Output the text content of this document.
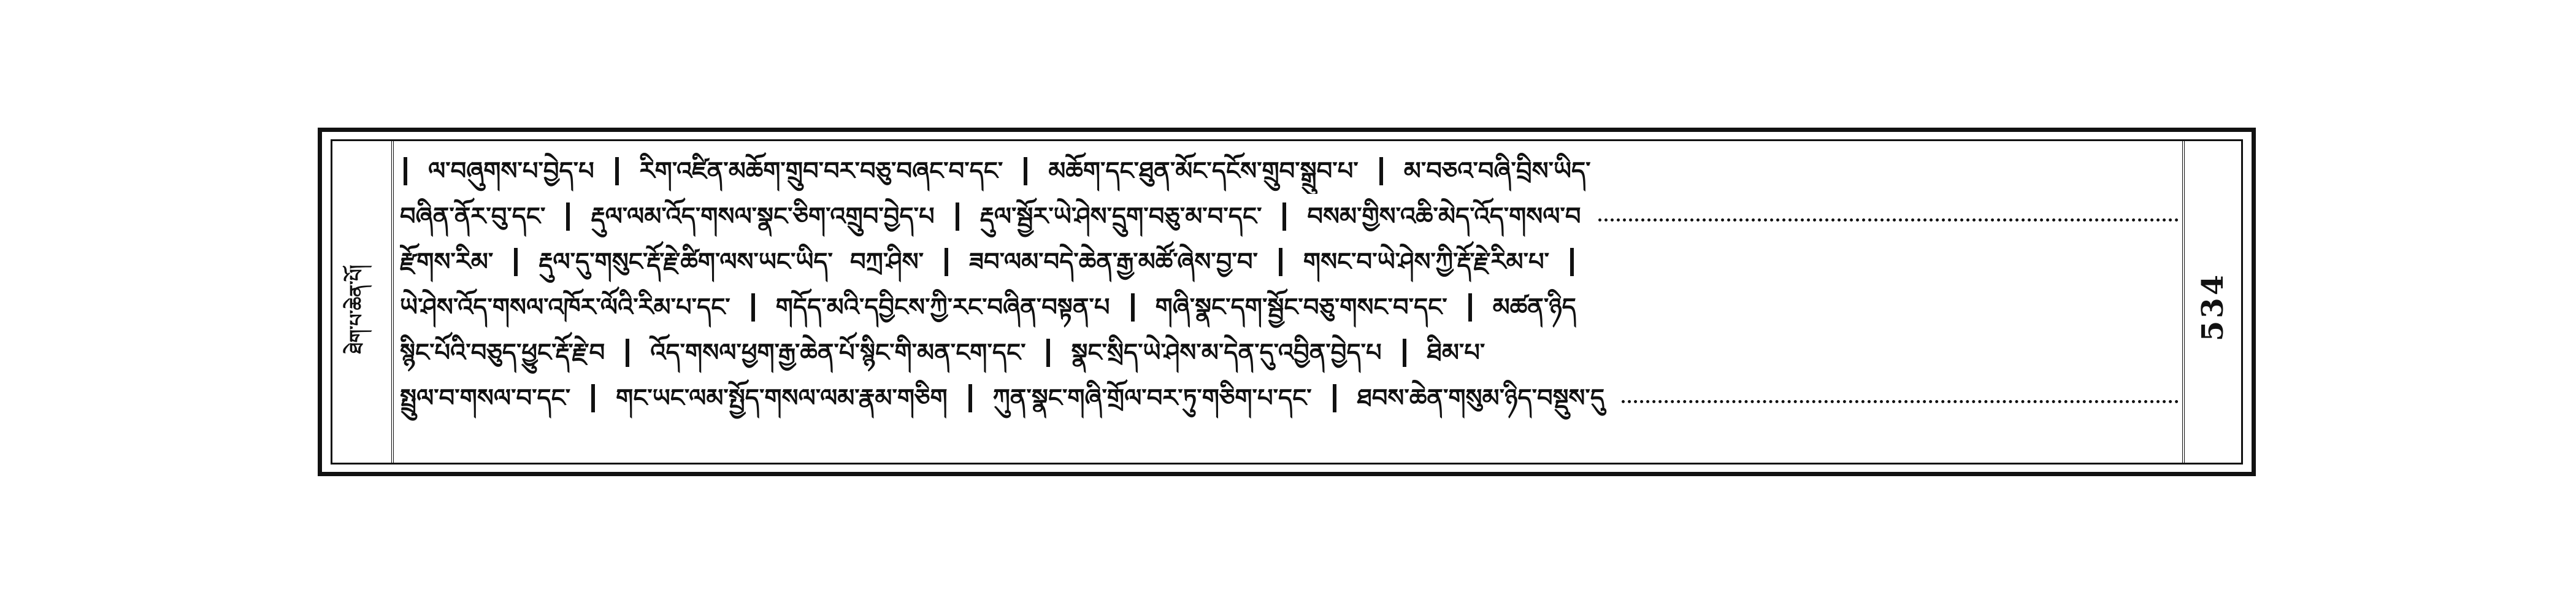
ཐེག་པ་ཆེན་པོ།
ལ་བཞུགས་པ་བྱེད་པ རིག་འཛིན་མཆོག་གྲུབ་བར་བཅུ་བཞང་བ་དང་ མཆོག་དང་ཐུན་མོང་དངོས་གྲུབ་སྒྲུབ་པ་ མ་བཅའ་བཞི་བྲིས་ཡིད་
བཞིན་ནོར་བུ་དང་ རྡུལ་ལམ་འོད་གསལ་སྣང་ཅིག་འགྲུབ་བྱེད་པ རྡུལ་སྦྱོར་ཡེ་ཤེས་དྲུག་བཅུ་མ་བ་དང་ བསམ་གྱིས་འཆི་མེད་འོད་གསལ་བ
རྫོགས་རིམ་ རྡུལ་དུ་གསུང་རྡོ་རྗེ་ཚིག་ལས་ཡང་ཡིད་ བཀྲ་ཤིས་ ཟབ་ལམ་བདེ་ཆེན་རྒྱ་མཚོ་ཞེས་བྱ་བ་ གསང་བ་ཡེ་ཤེས་ཀྱི་རྡོ་རྗེ་རིམ་པ་
ཡེ་ཤེས་འོད་གསལ་འཁོར་ལོའི་རིམ་པ་དང་ གདོད་མའི་དབྱིངས་ཀྱི་རང་བཞིན་བསྟན་པ གཞི་སྣང་དག་སྦྱོང་བཅུ་གསང་བ་དང་ མཚན་ཉིད
སྙིང་པོའི་བཅུད་ཕྱུང་རྡོ་རྗེ་བ འོད་གསལ་ཕྱག་རྒྱ་ཆེན་པོ་སྙིང་གི་མན་ངག་དང་ སྣང་སྲིད་ཡེ་ཤེས་མ་དེན་དུ་འབྱིན་བྱེད་པ ཐིམ་པ་
སྤྲུལ་བ་གསལ་བ་དང་ གང་ཡང་ལམ་སྤྱོད་གསལ་ལམ་རྣམ་གཅིག ཀུན་སྣང་གཞི་གྲོལ་བར་ཏུ་གཅིག་པ་དང་ ཐབས་ཆེན་གསུམ་ཉིད་བསྡུས་དུ
534
